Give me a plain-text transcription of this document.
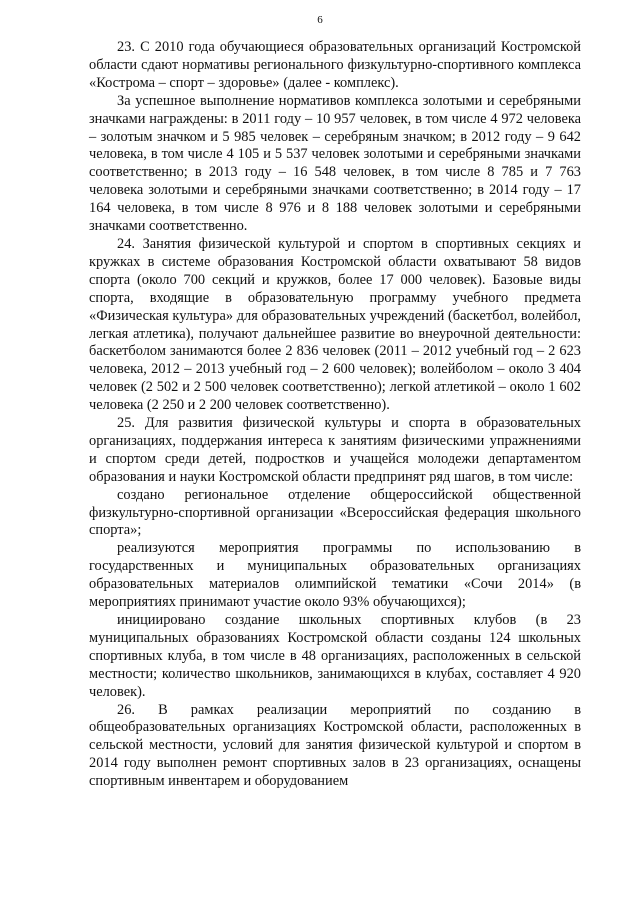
6

23. С 2010 года обучающиеся образовательных организаций Костромской области сдают нормативы регионального физкультурно-спортивного комплекса «Кострома – спорт – здоровье» (далее - комплекс).

За успешное выполнение нормативов комплекса золотыми и серебряными значками награждены: в 2011 году – 10 957 человек, в том числе 4 972 человека – золотым значком и 5 985 человек – серебряным значком; в 2012 году – 9 642 человека, в том числе 4 105 и 5 537 человек золотыми и серебряными значками соответственно; в 2013 году – 16 548 человек, в том числе 8 785 и 7 763 человека золотыми и серебряными значками соответственно; в 2014 году – 17 164 человека, в том числе 8 976 и 8 188 человек золотыми и серебряными значками соответственно.

24. Занятия физической культурой и спортом в спортивных секциях и кружках в системе образования Костромской области охватывают 58 видов спорта (около 700 секций и кружков, более 17 000 человек). Базовые виды спорта, входящие в образовательную программу учебного предмета «Физическая культура» для образовательных учреждений (баскетбол, волейбол, легкая атлетика), получают дальнейшее развитие во внеурочной деятельности: баскетболом занимаются более 2 836 человек (2011 – 2012 учебный год – 2 623 человека, 2012 – 2013 учебный год – 2 600 человек); волейболом – около 3 404 человек (2 502 и 2 500 человек соответственно); легкой атлетикой – около 1 602 человека (2 250 и 2 200 человек соответственно).

25. Для развития физической культуры и спорта в образовательных организациях, поддержания интереса к занятиям физическими упражнениями и спортом среди детей, подростков и учащейся молодежи департаментом образования и науки Костромской области предпринят ряд шагов, в том числе:

создано региональное отделение общероссийской общественной физкультурно-спортивной организации «Всероссийская федерация школьного спорта»;

реализуются мероприятия программы по использованию в государственных и муниципальных образовательных организациях образовательных материалов олимпийской тематики «Сочи 2014» (в мероприятиях принимают участие около 93% обучающихся);

инициировано создание школьных спортивных клубов (в 23 муниципальных образованиях Костромской области созданы 124 школьных спортивных клуба, в том числе в 48 организациях, расположенных в сельской местности; количество школьников, занимающихся в клубах, составляет 4 920 человек).

26. В рамках реализации мероприятий по созданию в общеобразовательных организациях Костромской области, расположенных в сельской местности, условий для занятия физической культурой и спортом в 2014 году выполнен ремонт спортивных залов в 23 организациях, оснащены спортивным инвентарем и оборудованием
